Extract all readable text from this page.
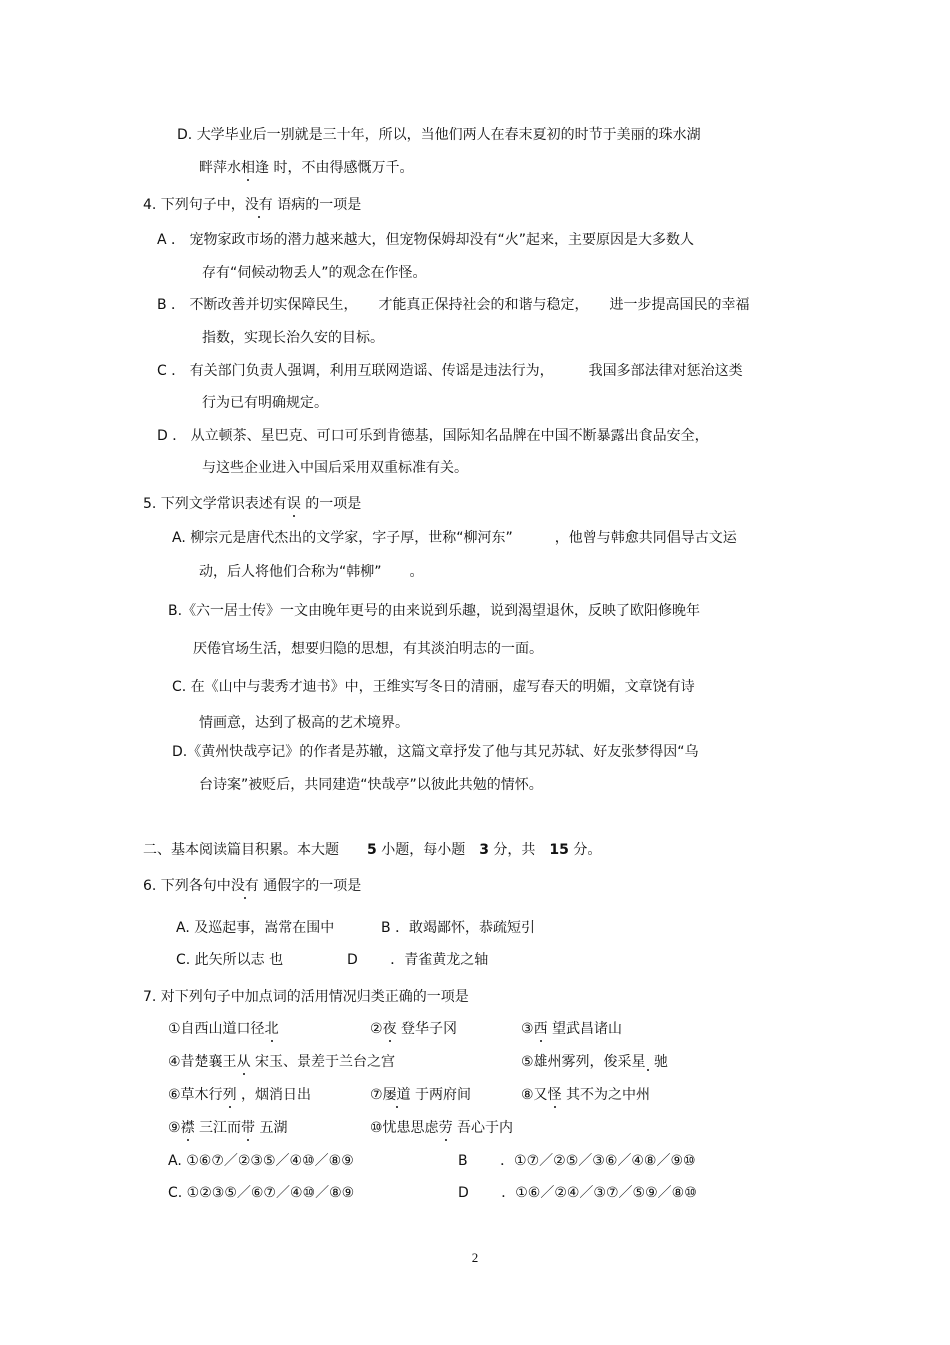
D. 大学毕业后一别就是三十年，所以，当他们两人在春末夏初的时节于美丽的珠水湖
畔萍水相逢 时，不由得感慨万千。
4. 下列句子中，没有 语病的一项是
A ． 宠物家政市场的潜力越来越大，但宠物保姆却没有“火”起来，主要原因是大多数人
存有“伺候动物丢人”的观念在作怪。
B ． 不断改善并切实保障民生，　　才能真正保持社会的和谐与稳定，　　进一步提高国民的幸福
指数，实现长治久安的目标。
C ． 有关部门负责人强调，利用互联网造谣、传谣是违法行为，　　　我国多部法律对惩治这类
行为已有明确规定。
D ． 从立顿茶、星巴克、可口可乐到肯德基，国际知名品牌在中国不断暴露出食品安全，
与这些企业进入中国后采用双重标准有关。
5. 下列文学常识表述有误 的一项是
A. 柳宗元是唐代杰出的文学家，字子厚，世称“柳河东”　　　，他曾与韩愈共同倡导古文运
动，后人将他们合称为“韩柳”　　。
B.《六一居士传》一文由晚年更号的由来说到乐趣，说到渴望退休，反映了欧阳修晚年
厌倦官场生活，想要归隐的思想，有其淡泊明志的一面。
C. 在《山中与裴秀才迪书》中，王维实写冬日的清丽，虚写春天的明媚，文章饶有诗
情画意，达到了极高的艺术境界。
D.《黄州快哉亭记》的作者是苏辙，这篇文章抒发了他与其兄苏轼、好友张梦得因“乌
台诗案”被贬后，共同建造“快哉亭”以彼此共勉的情怀。
二、基本阅读篇目积累。本大题　　 5 小题，每小题　 3 分，共　 15 分。
6. 下列各句中没有 通假字的一项是
A. 及巡起事，嵩常在围中	B ．敢竭鄙怀，恭疏短引
C. 此矢所以志 也	D　　 ．青雀黄龙之轴
7. 对下列句子中加点词的活用情况归类正确的一项是
①自西山道口径北	②夜 登华子冈	③西 望武昌诸山
④昔楚襄王从 宋玉、景差于兰台之宫	⑤雄州雾列，俊采星 驰
⑥草木行列 ，烟消日出	⑦屡道 于两府间	⑧又怪 其不为之中州
⑨襟 三江而带 五湖	⑩忧患思虑劳 吾心于内
A. ①⑥⑦／②③⑤／④⑩／⑧⑨	B　　 ．①⑦／②⑤／③⑥／④⑧／⑨⑩
C. ①②③⑤／⑥⑦／④⑩／⑧⑨	D　　 ．①⑥／②④／③⑦／⑤⑨／⑧⑩
2
